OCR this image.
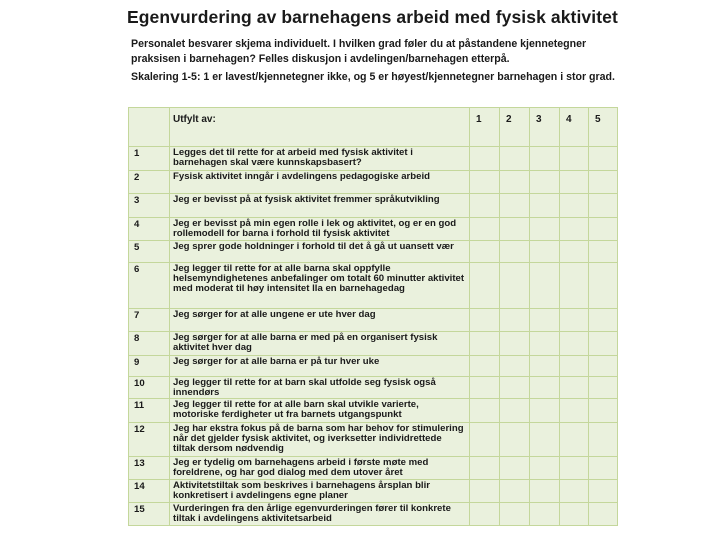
Egenvurdering av barnehagens arbeid med fysisk aktivitet
Personalet besvarer skjema individuelt. I hvilken grad føler du at påstandene kjennetegner praksisen i barnehagen? Felles diskusjon i avdelingen/barnehagen etterpå.
Skalering 1-5: 1 er lavest/kjennetegner ikke, og 5 er høyest/kjennetegner barnehagen i stor grad.
	Utfylt av:	1	2	3	4	5
1	Legges det til rette for at arbeid med fysisk aktivitet i barnehagen skal være kunnskapsbasert?					
2	Fysisk aktivitet inngår i avdelingens pedagogiske arbeid					
3	Jeg er bevisst på at fysisk aktivitet fremmer språkutvikling					
4	Jeg er bevisst på min egen rolle i lek og aktivitet, og er en god rollemodell for barna i forhold til fysisk aktivitet					
5	Jeg sprer gode holdninger i forhold til det å gå ut uansett vær					
6	Jeg legger til rette for at alle barna skal oppfylle helsemyndighetenes anbefalinger om totalt 60 minutter aktivitet med moderat til høy intensitet lla en barnehagedag					
7	Jeg sørger for at alle ungene er ute hver dag					
8	Jeg sørger for at alle barna er med på en organisert fysisk aktivitet hver dag					
9	Jeg sørger for at alle barna er på tur hver uke					
10	Jeg legger til rette for at barn skal utfolde seg fysisk også innendørs					
11	Jeg legger til rette for at alle barn skal utvikle varierte, motoriske ferdigheter ut fra barnets utgangspunkt					
12	Jeg har ekstra fokus på de barna som har behov for stimulering når det gjelder fysisk aktivitet, og iverksetter individrettede tiltak dersom nødvendig					
13	Jeg er tydelig om barnehagens arbeid i første møte med foreldrene, og har god dialog med dem utover året					
14	Aktivitetstiltak som beskrives i barnehagens årsplan blir konkretisert i avdelingens egne planer					
15	Vurderingen fra den årlige egenvurderingen fører til konkrete tiltak i avdelingens aktivitetsarbeid					
